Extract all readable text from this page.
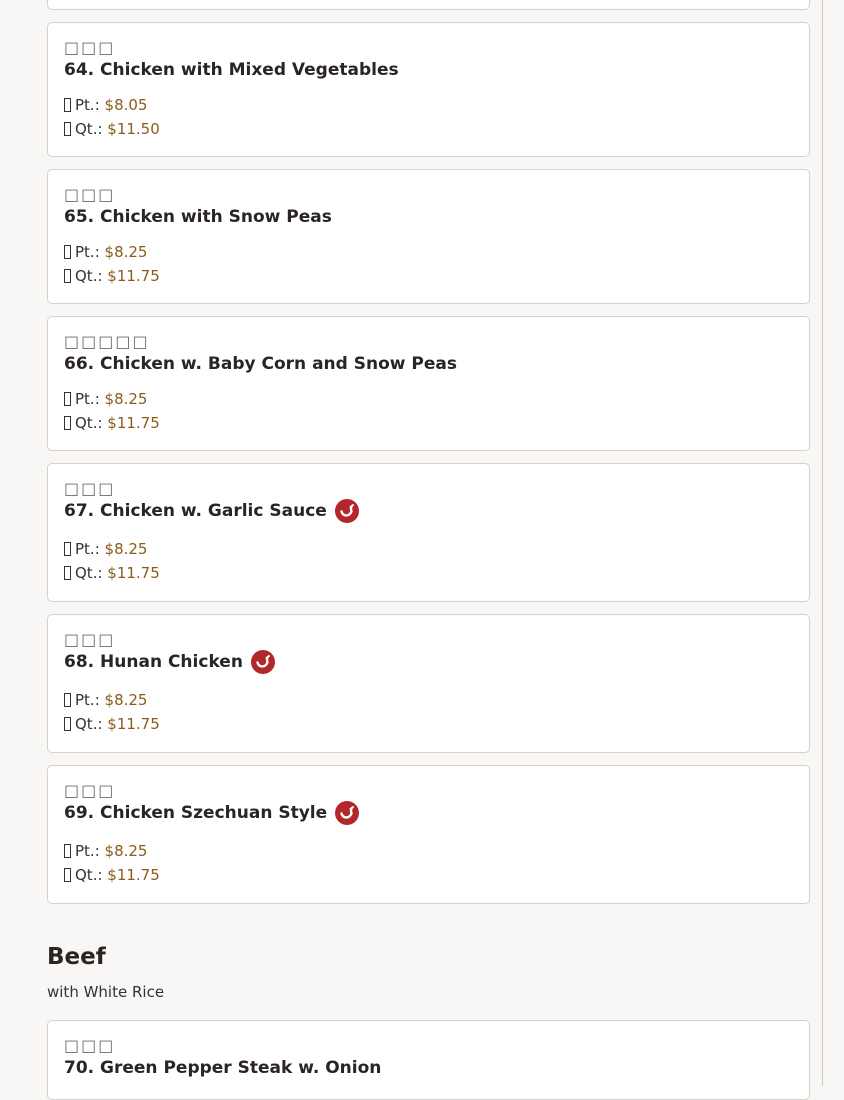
□□□
64. Chicken with Mixed Vegetables
Pt.: $8.05
Qt.: $11.50
□□□
65. Chicken with Snow Peas
Pt.: $8.25
Qt.: $11.75
□□□□□
66. Chicken w. Baby Corn and Snow Peas
Pt.: $8.25
Qt.: $11.75
□□□
67. Chicken w. Garlic Sauce
Pt.: $8.25
Qt.: $11.75
□□□
68. Hunan Chicken
Pt.: $8.25
Qt.: $11.75
□□□
69. Chicken Szechuan Style
Pt.: $8.25
Qt.: $11.75
Beef
with White Rice
□□□
70. Green Pepper Steak w. Onion
